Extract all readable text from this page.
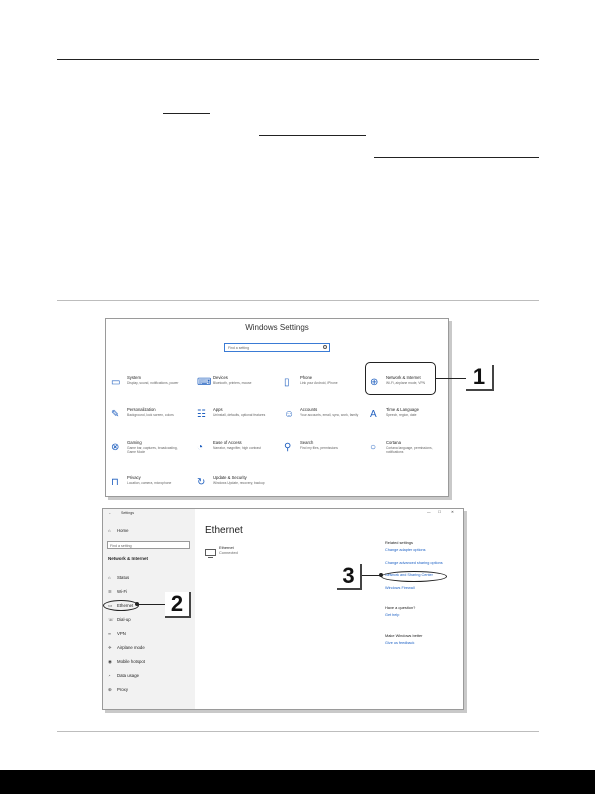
Windows Settings
Find a setting
▭	System
Display, sound, notifications, power	⌨ Devices
Bluetooth, printers, mouse	▯	Phone
Link your Android, iPhone	⊕	Network & Internet
Wi-Fi, airplane mode, VPN
✎	Personalization
Background, lock screen, colors	☷	Apps
Uninstall, defaults, optional features	☺ Accounts
Your accounts, email, sync, work, family A	Time & Language
Speech, region, date
⊗	Gaming
Game bar, captures, broadcasting, Game Mode	◔	Ease of Access
Narrator, magnifier, high contrast	⚲	Search
Find my files, permissions	○	Cortana
Cortana language, permissions, notifications
⊓	Privacy
Location, camera, microphone	↻	Update & Security
Windows Update, recovery, backup
1
←	Settings	— ☐	✕
⌂ Home
Find a setting
Network & Internet
⌂ Status
≋ Wi-Fi
▭ Ethernet
☏ Dial-up
∞ VPN
✈ Airplane mode
◉ Mobile hotspot
◔ Data usage
⊕ Proxy
Ethernet
Ethernet
Connected
Related settings
Change adapter options
Change advanced sharing options
Network and Sharing Center
Windows Firewall
Have a question?
Get help
Make Windows better
Give us feedback
2
3
